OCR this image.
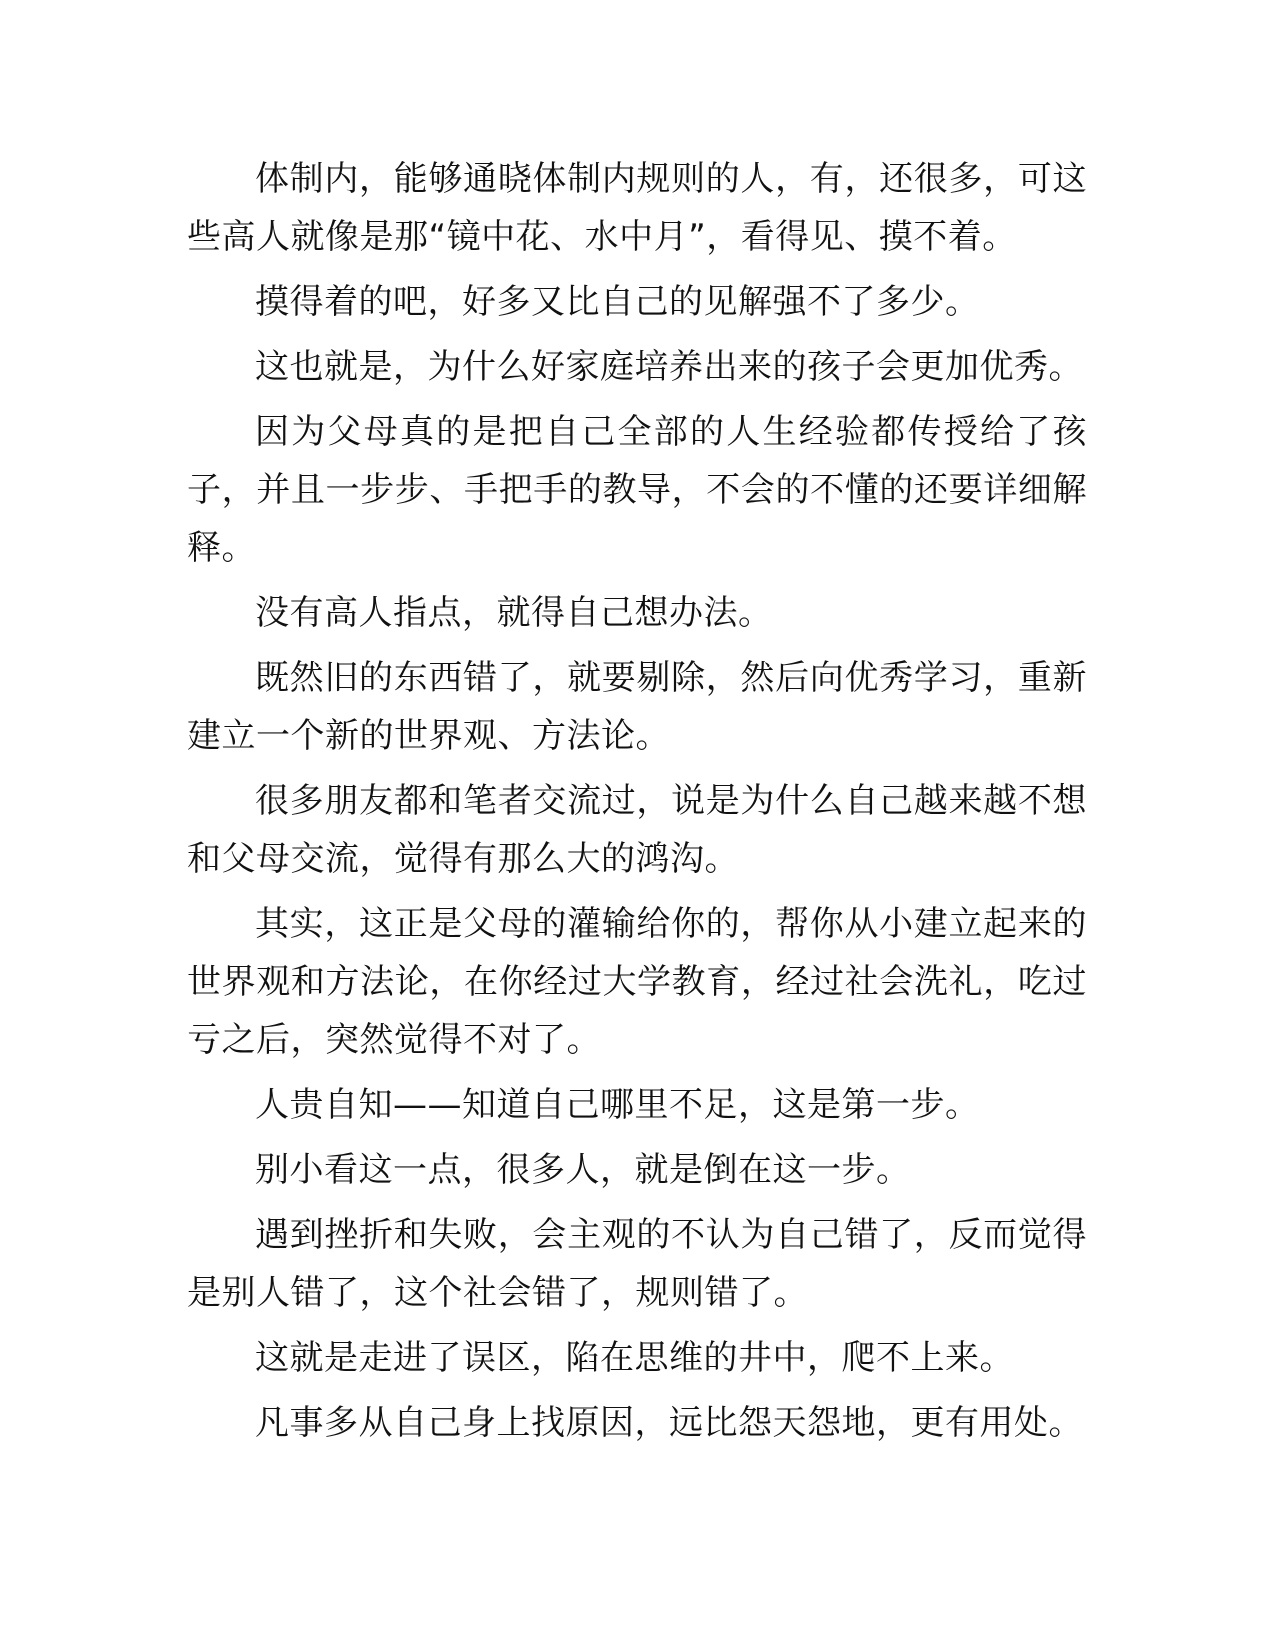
体制内，能够通晓体制内规则的人，有，还很多，可这些高人就像是那“镜中花、水中月”，看得见、摸不着。

摸得着的吧，好多又比自己的见解强不了多少。

这也就是，为什么好家庭培养出来的孩子会更加优秀。

因为父母真的是把自己全部的人生经验都传授给了孩子，并且一步步、手把手的教导，不会的不懂的还要详细解释。

没有高人指点，就得自己想办法。

既然旧的东西错了，就要剔除，然后向优秀学习，重新建立一个新的世界观、方法论。

很多朋友都和笔者交流过，说是为什么自己越来越不想和父母交流，觉得有那么大的鸿沟。

其实，这正是父母的灌输给你的，帮你从小建立起来的世界观和方法论，在你经过大学教育，经过社会洗礼，吃过亏之后，突然觉得不对了。

人贵自知——知道自己哪里不足，这是第一步。

别小看这一点，很多人，就是倒在这一步。

遇到挫折和失败，会主观的不认为自己错了，反而觉得是别人错了，这个社会错了，规则错了。

这就是走进了误区，陷在思维的井中，爬不上来。

凡事多从自己身上找原因，远比怨天怨地，更有用处。
